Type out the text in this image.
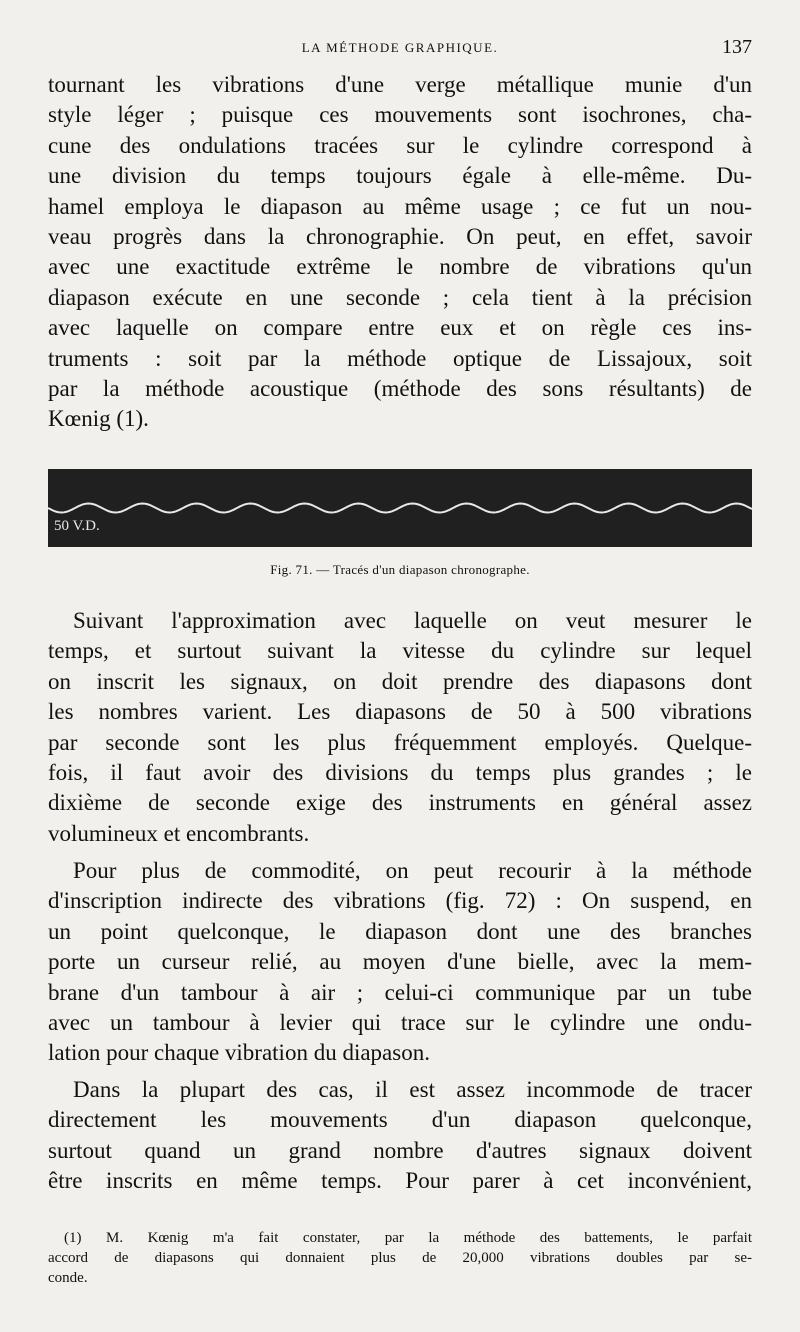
LA MÉTHODE GRAPHIQUE.	137
tournant les vibrations d'une verge métallique munie d'un
style léger ; puisque ces mouvements sont isochrones, cha-
cune des ondulations tracées sur le cylindre correspond à
une division du temps toujours égale à elle-même. Du-
hamel employa le diapason au même usage ; ce fut un nou-
veau progrès dans la chronographie. On peut, en effet, savoir
avec une exactitude extrême le nombre de vibrations qu'un
diapason exécute en une seconde ; cela tient à la précision
avec laquelle on compare entre eux et on règle ces ins-
truments : soit par la méthode optique de Lissajoux, soit
par la méthode acoustique (méthode des sons résultants) de
Kœnig (1).
50 V.D.
Fig. 71. — Tracés d'un diapason chronographe.
Suivant l'approximation avec laquelle on veut mesurer le
temps, et surtout suivant la vitesse du cylindre sur lequel
on inscrit les signaux, on doit prendre des diapasons dont
les nombres varient. Les diapasons de 50 à 500 vibrations
par seconde sont les plus fréquemment employés. Quelque-
fois, il faut avoir des divisions du temps plus grandes ; le
dixième de seconde exige des instruments en général assez
volumineux et encombrants.
Pour plus de commodité, on peut recourir à la méthode
d'inscription indirecte des vibrations (fig. 72) : On suspend, en
un point quelconque, le diapason dont une des branches
porte un curseur relié, au moyen d'une bielle, avec la mem-
brane d'un tambour à air ; celui-ci communique par un tube
avec un tambour à levier qui trace sur le cylindre une ondu-
lation pour chaque vibration du diapason.
Dans la plupart des cas, il est assez incommode de tracer
directement les mouvements d'un diapason quelconque,
surtout quand un grand nombre d'autres signaux doivent
être inscrits en même temps. Pour parer à cet inconvénient,
(1) M. Kœnig m'a fait constater, par la méthode des battements, le parfait
accord de diapasons qui donnaient plus de 20,000 vibrations doubles par se-
conde.
